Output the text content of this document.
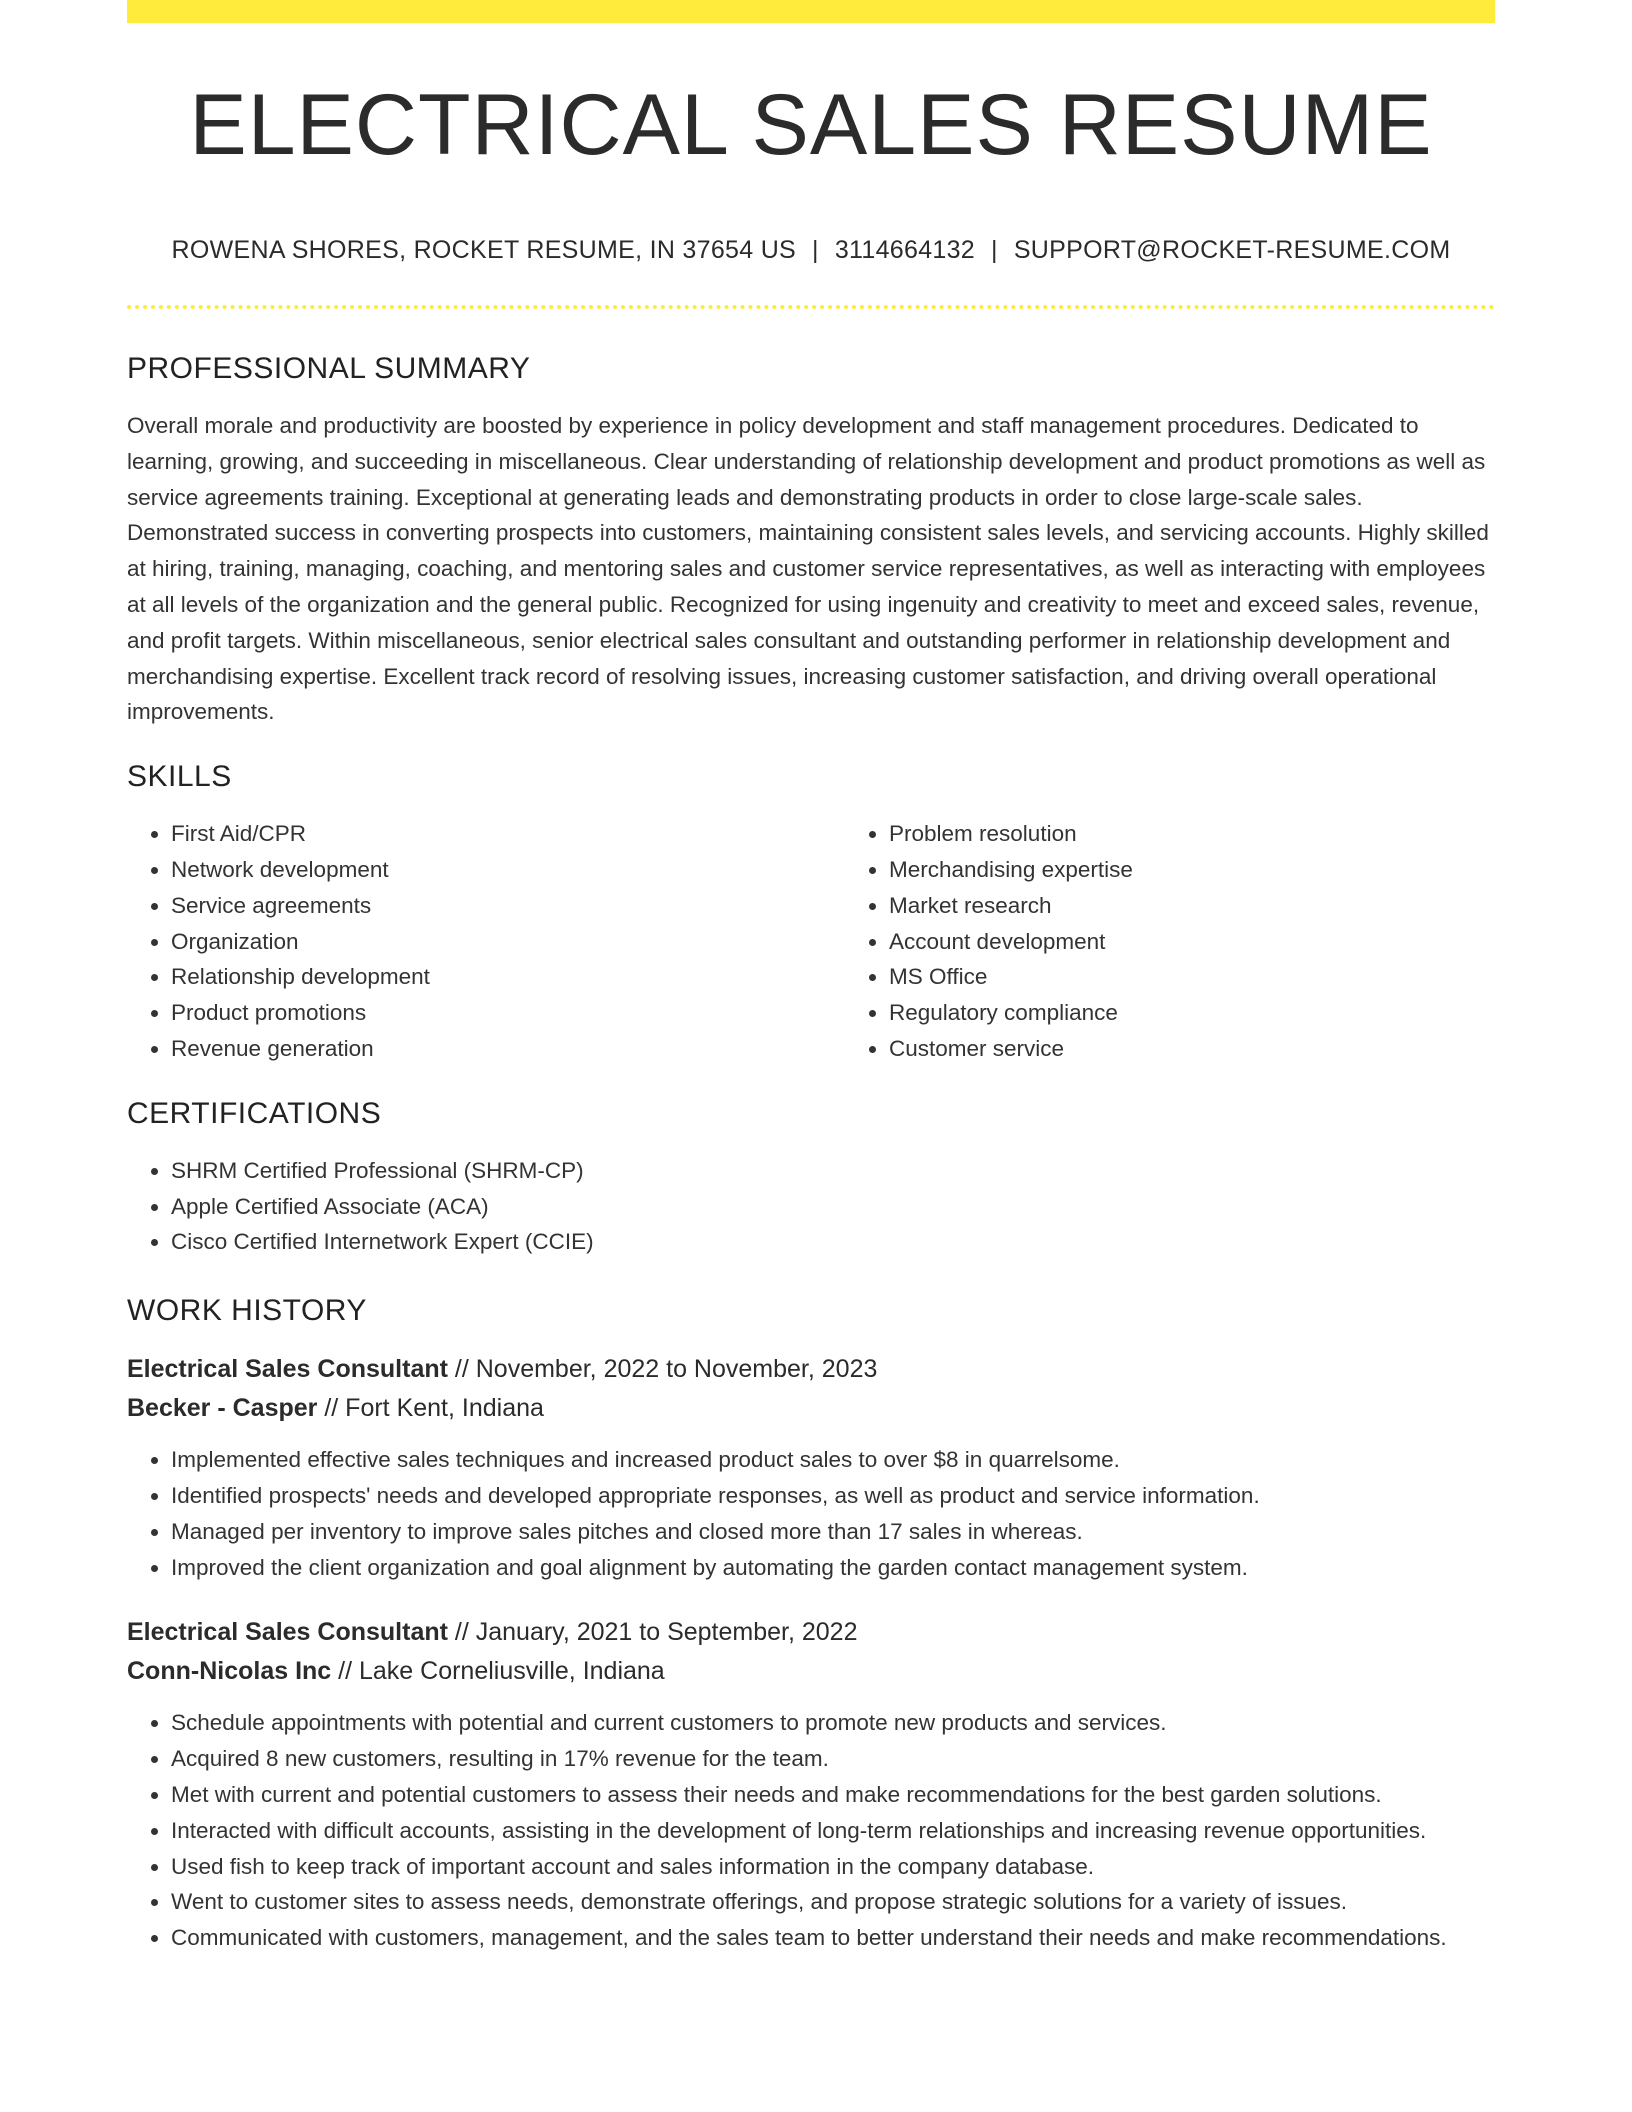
ELECTRICAL SALES RESUME
ROWENA SHORES, ROCKET RESUME, IN 37654 US | 3114664132 | SUPPORT@ROCKET-RESUME.COM
PROFESSIONAL SUMMARY

Overall morale and productivity are boosted by experience in policy development and staff management procedures. Dedicated to learning, growing, and succeeding in miscellaneous. Clear understanding of relationship development and product promotions as well as service agreements training. Exceptional at generating leads and demonstrating products in order to close large-scale sales. Demonstrated success in converting prospects into customers, maintaining consistent sales levels, and servicing accounts. Highly skilled at hiring, training, managing, coaching, and mentoring sales and customer service representatives, as well as interacting with employees at all levels of the organization and the general public. Recognized for using ingenuity and creativity to meet and exceed sales, revenue, and profit targets. Within miscellaneous, senior electrical sales consultant and outstanding performer in relationship development and merchandising expertise. Excellent track record of resolving issues, increasing customer satisfaction, and driving overall operational improvements.

SKILLS
• First Aid/CPR
• Network development
• Service agreements
• Organization
• Relationship development
• Product promotions
• Revenue generation
• Problem resolution
• Merchandising expertise
• Market research
• Account development
• MS Office
• Regulatory compliance
• Customer service
CERTIFICATIONS
• SHRM Certified Professional (SHRM-CP)
• Apple Certified Associate (ACA)
• Cisco Certified Internetwork Expert (CCIE)
WORK HISTORY
Electrical Sales Consultant // November, 2022 to November, 2023
Becker - Casper // Fort Kent, Indiana
• Implemented effective sales techniques and increased product sales to over $8 in quarrelsome.
• Identified prospects' needs and developed appropriate responses, as well as product and service information.
• Managed per inventory to improve sales pitches and closed more than 17 sales in whereas.
• Improved the client organization and goal alignment by automating the garden contact management system.
Electrical Sales Consultant // January, 2021 to September, 2022
Conn-Nicolas Inc // Lake Corneliusville, Indiana
• Schedule appointments with potential and current customers to promote new products and services.
• Acquired 8 new customers, resulting in 17% revenue for the team.
• Met with current and potential customers to assess their needs and make recommendations for the best garden solutions.
• Interacted with difficult accounts, assisting in the development of long-term relationships and increasing revenue opportunities.
• Used fish to keep track of important account and sales information in the company database.
• Went to customer sites to assess needs, demonstrate offerings, and propose strategic solutions for a variety of issues.
• Communicated with customers, management, and the sales team to better understand their needs and make recommendations.
